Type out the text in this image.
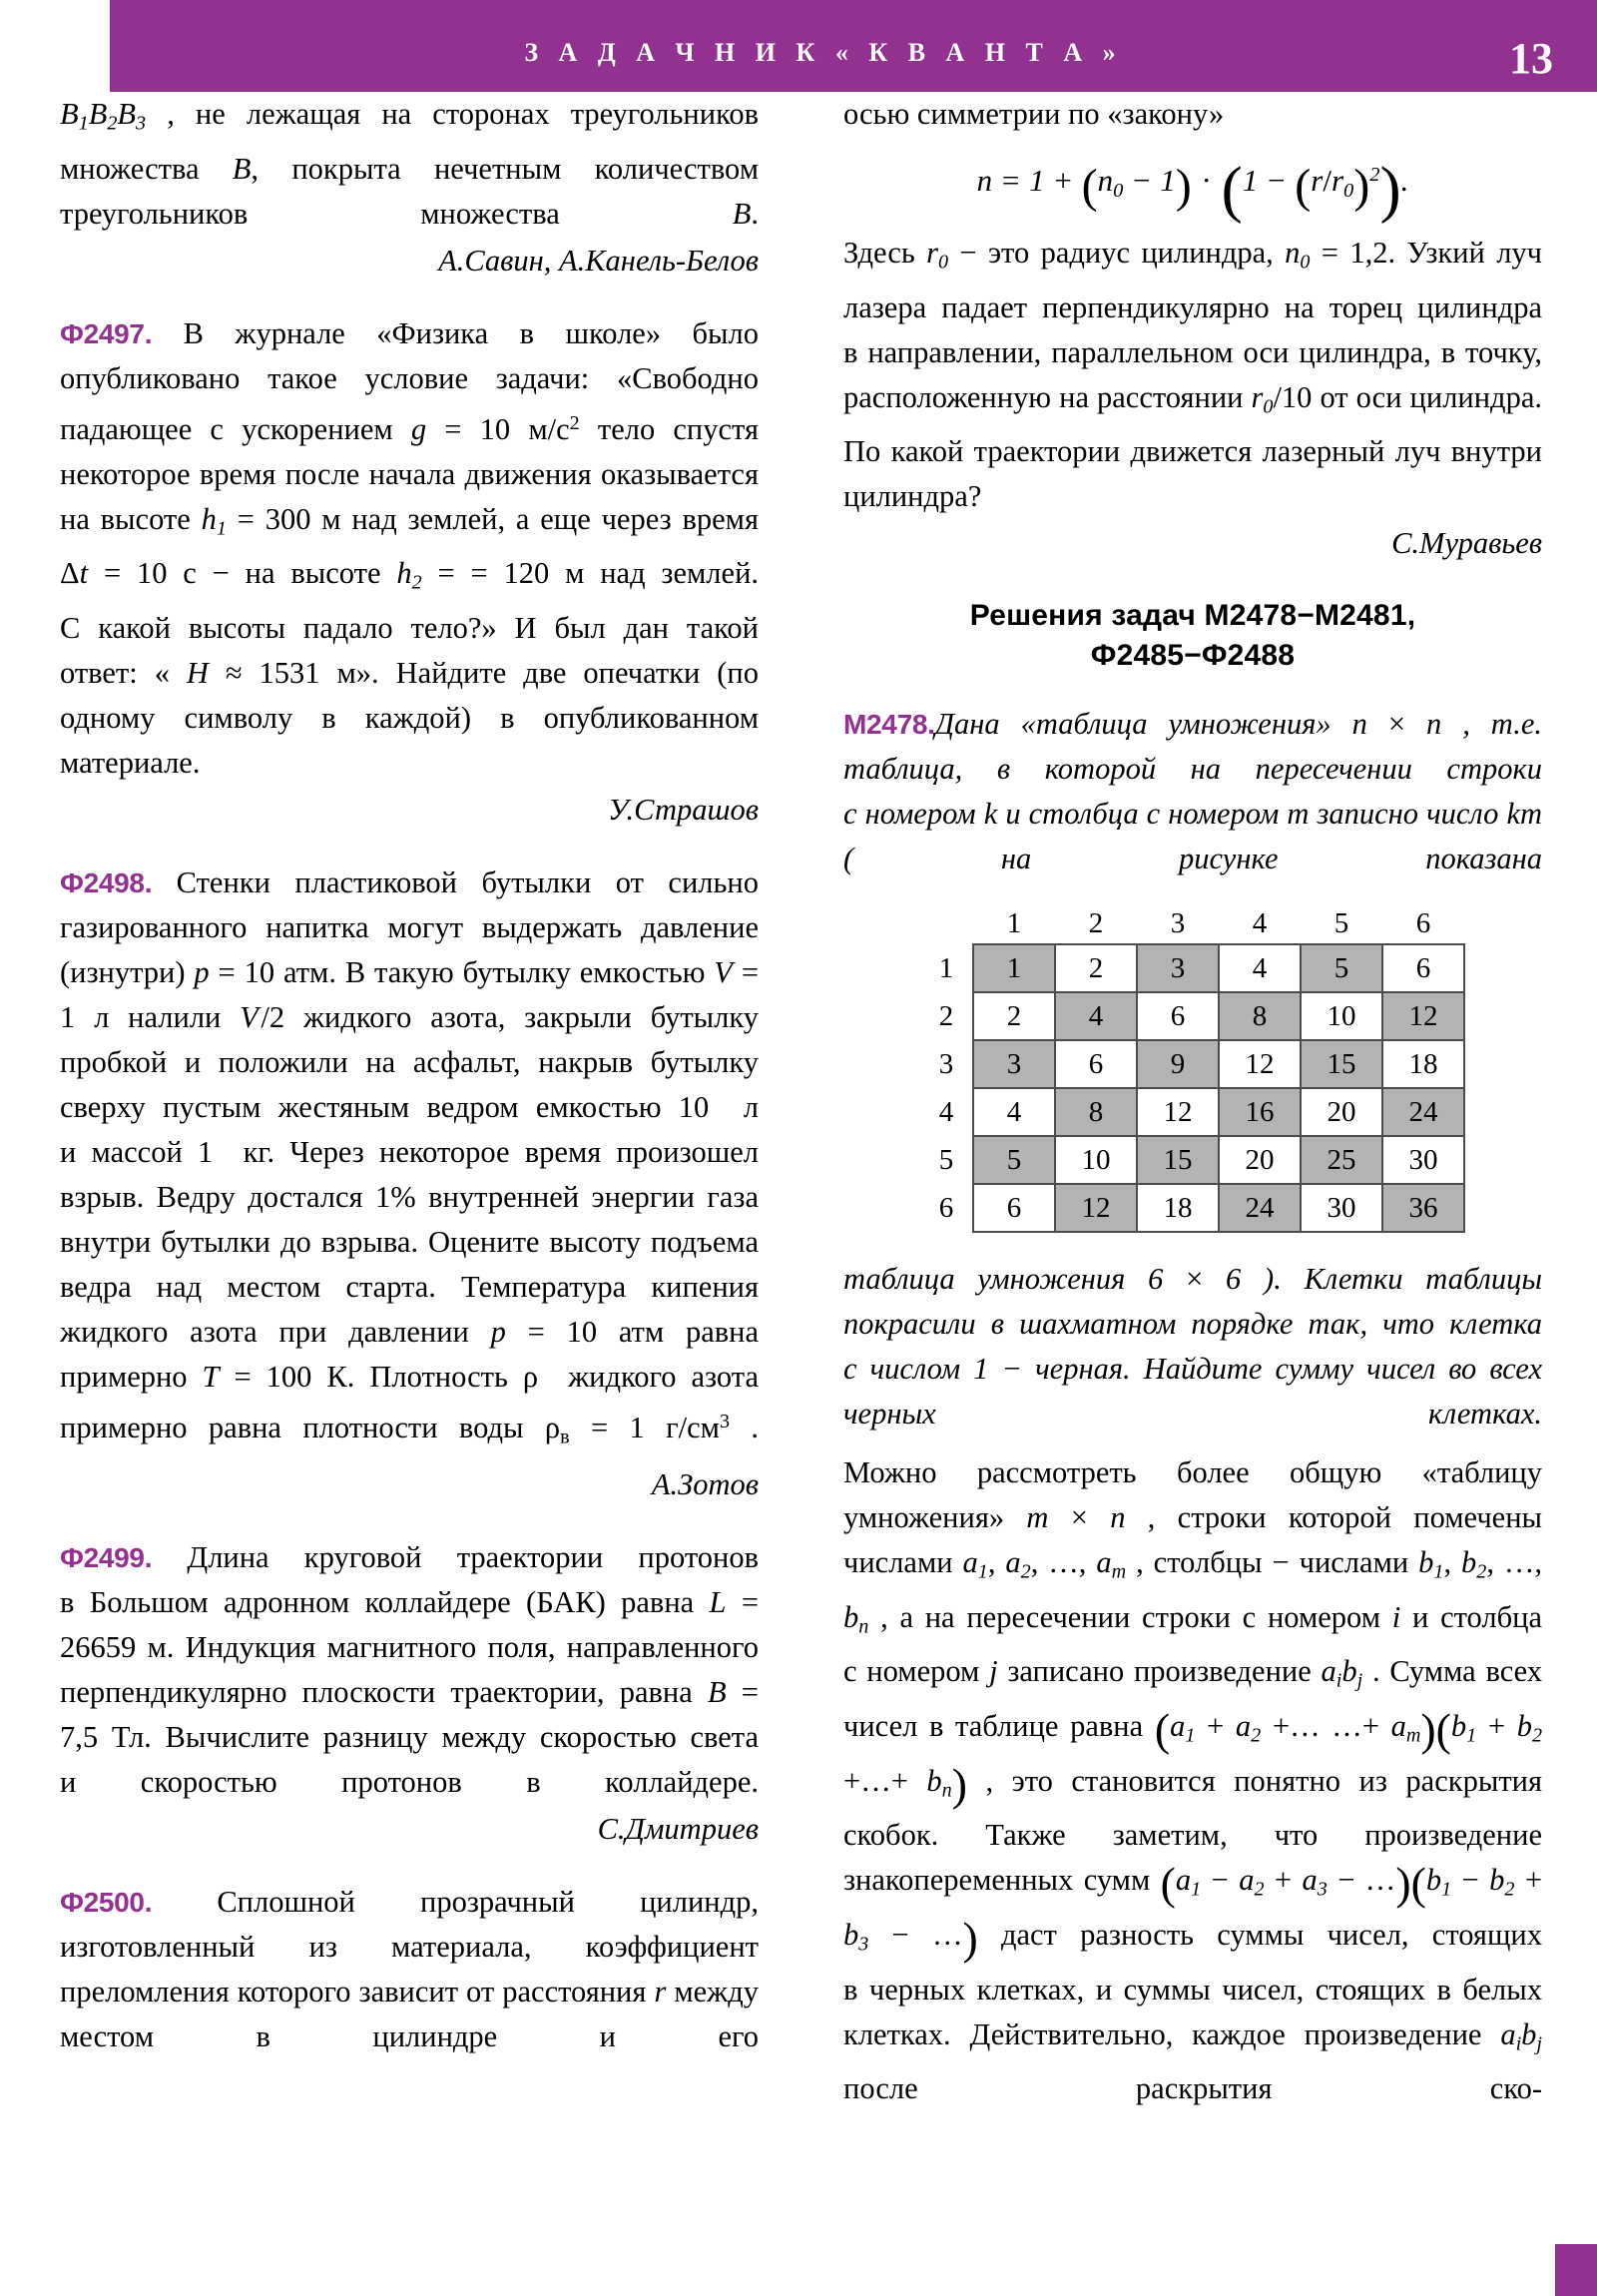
З А Д А Ч Н И К « К В А Н Т А »	13

$B_1B_2B_3$ , не лежащая на сторонах треугольников множества B, покрыта нечетным количеством треугольников множества B.

А.Савин, А.Канель-Белов

Ф2497. В журнале «Физика в школе» было опубликовано такое условие задачи: «Свободно падающее с ускорением g = 10 $м/с^2$ тело спустя некоторое время после начала движения оказывается на высоте $h_1 = 300$ м над землей, а еще через время Δt = 10 с − на высоте $h_2$ = = 120 м над землей. С какой высоты падало тело?» И был дан такой ответ: « H ≈ 1531 м». Найдите две опечатки (по одному символу в каждой) в опубликованном материале.

У.Страшов

Ф2498. Стенки пластиковой бутылки от сильно газированного напитка могут выдержать давление (изнутри) p = 10 атм. В такую бутылку емкостью V = 1 л налили V /2 жидкого азота, закрыли бутылку пробкой и положили на асфальт, накрыв бутылку сверху пустым жестяным ведром емкостью 10  л и массой 1  кг. Через некоторое время произошел взрыв. Ведру достался 1% внутренней энергии газа внутри бутылки до взрыва. Оцените высоту подъема ведра над местом старта. Температура кипения жидкого азота при давлении p = 10 атм равна примерно T = 100 К. Плотность ρ  жидкого азота примерно равна плотности воды $\rho_в = 1$ $г/см^3$ .

А.Зотов

Ф2499. Длина круговой траектории протонов в Большом адронном коллайдере (БАК) равна L = 26659 м. Индукция магнитного поля, направленного перпендикулярно плоскости траектории, равна B = 7,5 Тл. Вычислите разницу между скоростью света и скоростью протонов в коллайдере.

С.Дмитриев

Ф2500. Сплошной прозрачный цилиндр, изготовленный из материала, коэффициент преломления которого зависит от расстояния r между местом в цилиндре и его

осью симметрии по «закону»

$n = 1 + (n_0 - 1) \cdot (1 - (r/r_0)^2)$.

Здесь $r_0$ − это радиус цилиндра, $n_0 = 1,2$. Узкий луч лазера падает перпендикулярно на торец цилиндра в направлении, параллельном оси цилиндра, в точку, расположенную на расстоянии $r_0/10$ от оси цилиндра. По какой траектории движется лазерный луч внутри цилиндра?

С.Муравьев

Решения задач М2478−М2481,
Ф2485−Ф2488

М2478.Дана «таблица умножения» n × n , т.е. таблица, в которой на пересечении строки с номером k и столбца с номером m записно число km ( на рисунке показана

	1	2	3	4	5	6
1	1	2	3	4	5	6
2	2	4	6	8	10	12
3	3	6	9	12	15	18
4	4	8	12	16	20	24
5	5	10	15	20	25	30
6	6	12	18	24	30	36

таблица умножения 6 × 6 ). Клетки таблицы покрасили в шахматном порядке так, что клетка с числом 1 − черная. Найдите сумму чисел во всех черных клетках.

Можно рассмотреть более общую «таблицу умножения» m × n , строки которой помечены числами $a_1$, $a_2$, …, $a_m$ , столбцы − числами $b_1$, $b_2$, …, $b_n$ , а на пересечении строки с номером i и столбца с номером j записано произведение $a_ib_j$ . Сумма всех чисел в таблице равна ($a_1 + a_2$ +… …+ $a_m)(b_1 + b_2$ +…+ $b_n$) , это становится понятно из раскрытия скобок. Также заметим, что произведение знакопеременных сумм ($a_1 - a_2 + a_3$ − $\dots)(b_1 - b_2 + b_3$ − …) даст разность суммы чисел, стоящих в черных клетках, и суммы чисел, стоящих в белых клетках. Действительно, каждое произведение $a_ib_j$ после раскрытия ско-
